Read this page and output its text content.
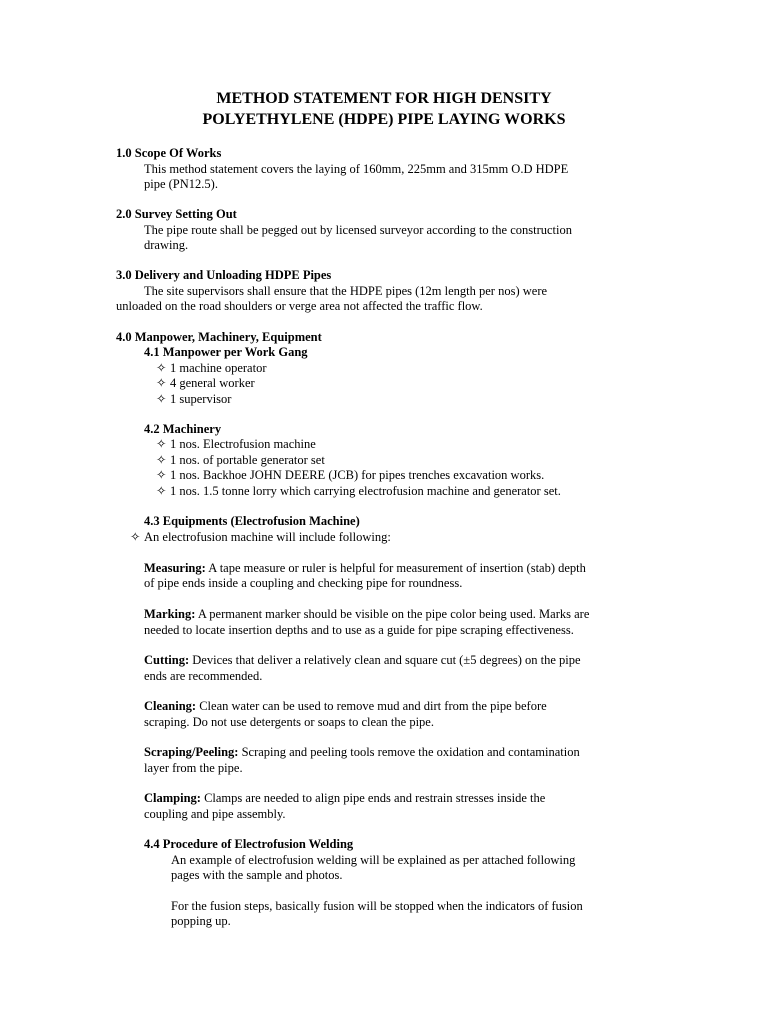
METHOD STATEMENT FOR HIGH DENSITY
POLYETHYLENE (HDPE) PIPE LAYING WORKS
1.0 Scope Of Works
This method statement covers the laying of 160mm, 225mm and 315mm O.D HDPE
pipe (PN12.5).
2.0 Survey Setting Out
The pipe route shall be pegged out by licensed surveyor according to the construction
drawing.
3.0 Delivery and Unloading HDPE Pipes
The site supervisors shall ensure that the HDPE pipes (12m length per nos) were
unloaded on the road shoulders or verge area not affected the traffic flow.
4.0 Manpower, Machinery, Equipment
4.1 Manpower per Work Gang
✧ 1 machine operator
✧ 4 general worker
✧ 1 supervisor
4.2 Machinery
✧ 1 nos. Electrofusion machine
✧ 1 nos. of portable generator set
✧ 1 nos. Backhoe JOHN DEERE (JCB) for pipes trenches excavation works.
✧ 1 nos. 1.5 tonne lorry which carrying electrofusion machine and generator set.
4.3 Equipments (Electrofusion Machine)
✧ An electrofusion machine will include following:
Measuring: A tape measure or ruler is helpful for measurement of insertion (stab) depth
of pipe ends inside a coupling and checking pipe for roundness.
Marking: A permanent marker should be visible on the pipe color being used. Marks are
needed to locate insertion depths and to use as a guide for pipe scraping effectiveness.
Cutting: Devices that deliver a relatively clean and square cut (±5 degrees) on the pipe
ends are recommended.
Cleaning: Clean water can be used to remove mud and dirt from the pipe before
scraping. Do not use detergents or soaps to clean the pipe.
Scraping/Peeling: Scraping and peeling tools remove the oxidation and contamination
layer from the pipe.
Clamping: Clamps are needed to align pipe ends and restrain stresses inside the
coupling and pipe assembly.
4.4 Procedure of Electrofusion Welding
An example of electrofusion welding will be explained as per attached following
pages with the sample and photos.
For the fusion steps, basically fusion will be stopped when the indicators of fusion
popping up.
